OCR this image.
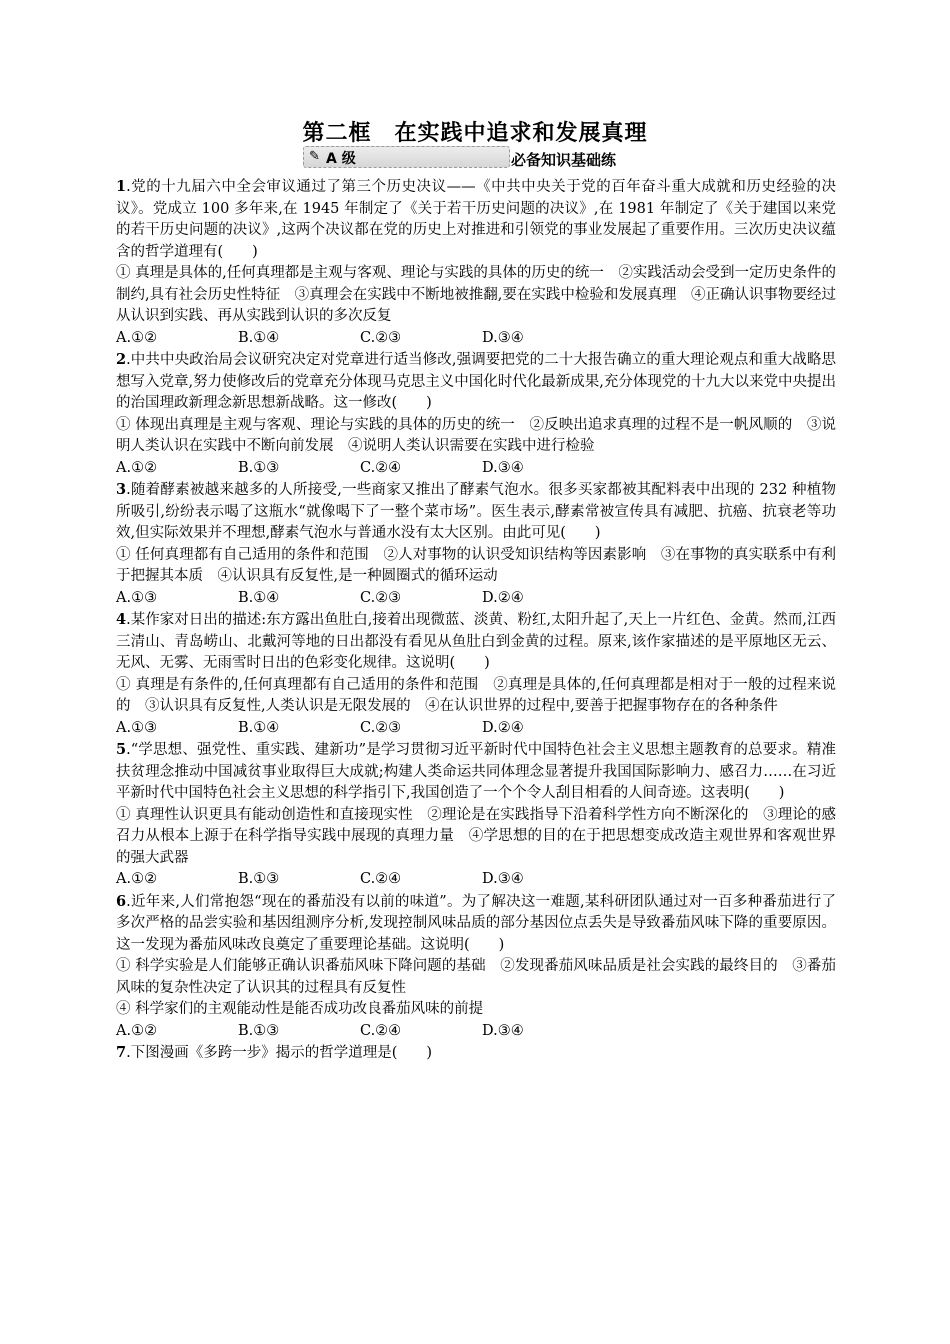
第二框　在实践中追求和发展真理
✎ A 级	必备知识基础练
1.党的十九届六中全会审议通过了第三个历史决议——《中共中央关于党的百年奋斗重大成就和历史经验的决议》。党成立 100 多年来,在 1945 年制定了《关于若干历史问题的决议》,在 1981 年制定了《关于建国以来党的若干历史问题的决议》,这两个决议都在党的历史上对推进和引领党的事业发展起了重要作用。三次历史决议蕴含的哲学道理有(　　)
① 真理是具体的,任何真理都是主观与客观、理论与实践的具体的历史的统一　②实践活动会受到一定历史条件的制约,具有社会历史性特征　③真理会在实践中不断地被推翻,要在实践中检验和发展真理　④正确认识事物要经过从认识到实践、再从实践到认识的多次反复
A.①②	B.①④	C.②③	D.③④
2.中共中央政治局会议研究决定对党章进行适当修改,强调要把党的二十大报告确立的重大理论观点和重大战略思想写入党章,努力使修改后的党章充分体现马克思主义中国化时代化最新成果,充分体现党的十九大以来党中央提出的治国理政新理念新思想新战略。这一修改(　　)
① 体现出真理是主观与客观、理论与实践的具体的历史的统一　②反映出追求真理的过程不是一帆风顺的　③说明人类认识在实践中不断向前发展　④说明人类认识需要在实践中进行检验
A.①②	B.①③	C.②④	D.③④
3.随着酵素被越来越多的人所接受,一些商家又推出了酵素气泡水。很多买家都被其配料表中出现的 232 种植物所吸引,纷纷表示喝了这瓶水“就像喝下了一整个菜市场”。医生表示,酵素常被宣传具有减肥、抗癌、抗衰老等功效,但实际效果并不理想,酵素气泡水与普通水没有太大区别。由此可见(　　)
① 任何真理都有自己适用的条件和范围　②人对事物的认识受知识结构等因素影响　③在事物的真实联系中有利于把握其本质　④认识具有反复性,是一种圆圈式的循环运动
A.①③	B.①④	C.②③	D.②④
4.某作家对日出的描述:东方露出鱼肚白,接着出现微蓝、淡黄、粉红,太阳升起了,天上一片红色、金黄。然而,江西三清山、青岛崂山、北戴河等地的日出都没有看见从鱼肚白到金黄的过程。原来,该作家描述的是平原地区无云、无风、无雾、无雨雪时日出的色彩变化规律。这说明(　　)
① 真理是有条件的,任何真理都有自己适用的条件和范围　②真理是具体的,任何真理都是相对于一般的过程来说的　③认识具有反复性,人类认识是无限发展的　④在认识世界的过程中,要善于把握事物存在的各种条件
A.①③	B.①④	C.②③	D.②④
5.“学思想、强党性、重实践、建新功”是学习贯彻习近平新时代中国特色社会主义思想主题教育的总要求。精准扶贫理念推动中国减贫事业取得巨大成就;构建人类命运共同体理念显著提升我国国际影响力、感召力……在习近平新时代中国特色社会主义思想的科学指引下,我国创造了一个个令人刮目相看的人间奇迹。这表明(　　)
① 真理性认识更具有能动创造性和直接现实性　②理论是在实践指导下沿着科学性方向不断深化的　③理论的感召力从根本上源于在科学指导实践中展现的真理力量　④学思想的目的在于把思想变成改造主观世界和客观世界的强大武器
A.①②	B.①③	C.②④	D.③④
6.近年来,人们常抱怨“现在的番茄没有以前的味道”。为了解决这一难题,某科研团队通过对一百多种番茄进行了多次严格的品尝实验和基因组测序分析,发现控制风味品质的部分基因位点丢失是导致番茄风味下降的重要原因。这一发现为番茄风味改良奠定了重要理论基础。这说明(　　)
① 科学实验是人们能够正确认识番茄风味下降问题的基础　②发现番茄风味品质是社会实践的最终目的　③番茄风味的复杂性决定了认识其的过程具有反复性
④ 科学家们的主观能动性是能否成功改良番茄风味的前提
A.①②	B.①③	C.②④	D.③④
7.下图漫画《多跨一步》揭示的哲学道理是(　　)
